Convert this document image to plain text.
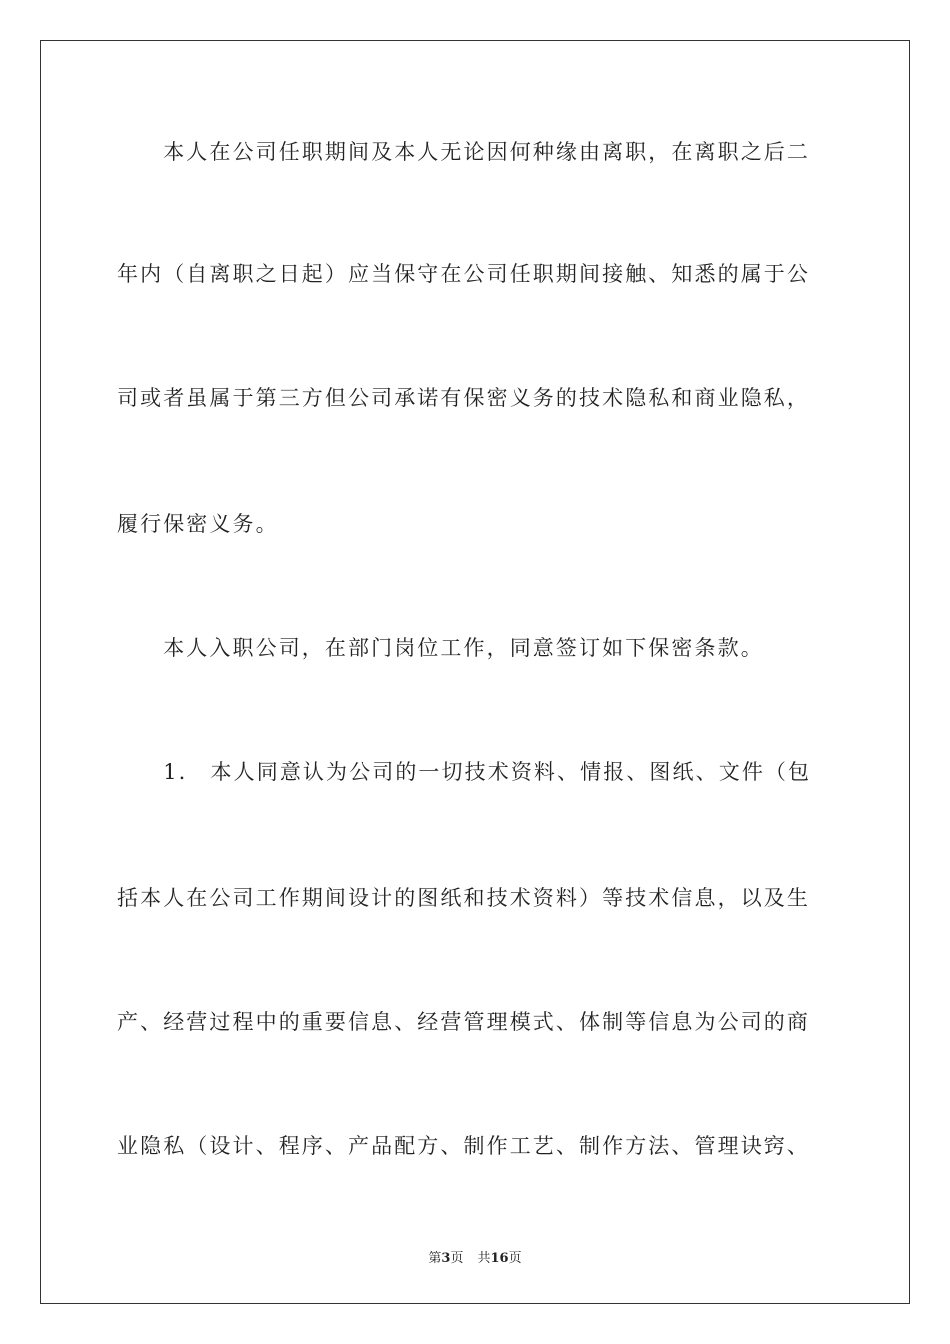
　　本人在公司任职期间及本人无论因何种缘由离职，在离职之后二
年内（自离职之日起）应当保守在公司任职期间接触、知悉的属于公
司或者虽属于第三方但公司承诺有保密义务的技术隐私和商业隐私，
履行保密义务。
　　本人入职公司，在部门岗位工作，同意签订如下保密条款。
　　1.　本人同意认为公司的一切技术资料、情报、图纸、文件（包
括本人在公司工作期间设计的图纸和技术资料）等技术信息，以及生
产、经营过程中的重要信息、经营管理模式、体制等信息为公司的商
业隐私（设计、程序、产品配方、制作工艺、制作方法、管理诀窍、
第3页 共16页
